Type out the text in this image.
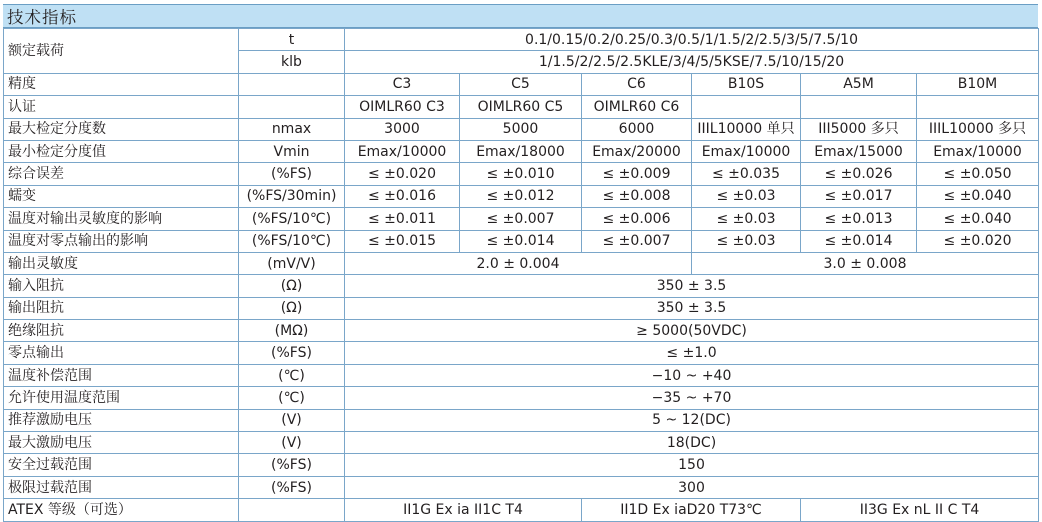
技术指标
额定载荷	t	0.1/0.15/0.2/0.25/0.3/0.5/1/1.5/2/2.5/3/5/7.5/10					
	klb	1/1.5/2/2.5/2.5KLE/3/4/5/5KSE/7.5/10/15/20					
精度		C3	C5	C6	B10S	A5M	B10M
认证		OIMLR60 C3	OIMLR60 C5	OIMLR60 C6			
最大检定分度数	nmax	3000	5000	6000	IIIL10000 单只	III5000 多只	IIIL10000 多只
最小检定分度值	Vmin	Emax/10000	Emax/18000	Emax/20000	Emax/10000	Emax/15000	Emax/10000
综合误差	(%FS)	≤ ±0.020	≤ ±0.010	≤ ±0.009	≤ ±0.035	≤ ±0.026	≤ ±0.050
蠕变	(%FS/30min)	≤ ±0.016	≤ ±0.012	≤ ±0.008	≤ ±0.03	≤ ±0.017	≤ ±0.040
温度对输出灵敏度的影响	(%FS/10℃)	≤ ±0.011	≤ ±0.007	≤ ±0.006	≤ ±0.03	≤ ±0.013	≤ ±0.040
温度对零点输出的影响	(%FS/10℃)	≤ ±0.015	≤ ±0.014	≤ ±0.007	≤ ±0.03	≤ ±0.014	≤ ±0.020
输出灵敏度	(mV/V)	2.0 ± 0.004			3.0 ± 0.008		
输入阻抗	(Ω)	350 ± 3.5					
输出阻抗	(Ω)	350 ± 3.5					
绝缘阻抗	(MΩ)	≥ 5000(50VDC)					
零点输出	(%FS)	≤ ±1.0					
温度补偿范围	(℃)	−10 ~ +40					
允许使用温度范围	(℃)	−35 ~ +70					
推荐激励电压	(V)	5 ~ 12(DC)					
最大激励电压	(V)	18(DC)					
安全过载范围	(%FS)	150					
极限过载范围	(%FS)	300					
ATEX 等级（可选）		II1G Ex ia II1C T4		II1D Ex iaD20 T73℃		II3G Ex nL II C T4	
